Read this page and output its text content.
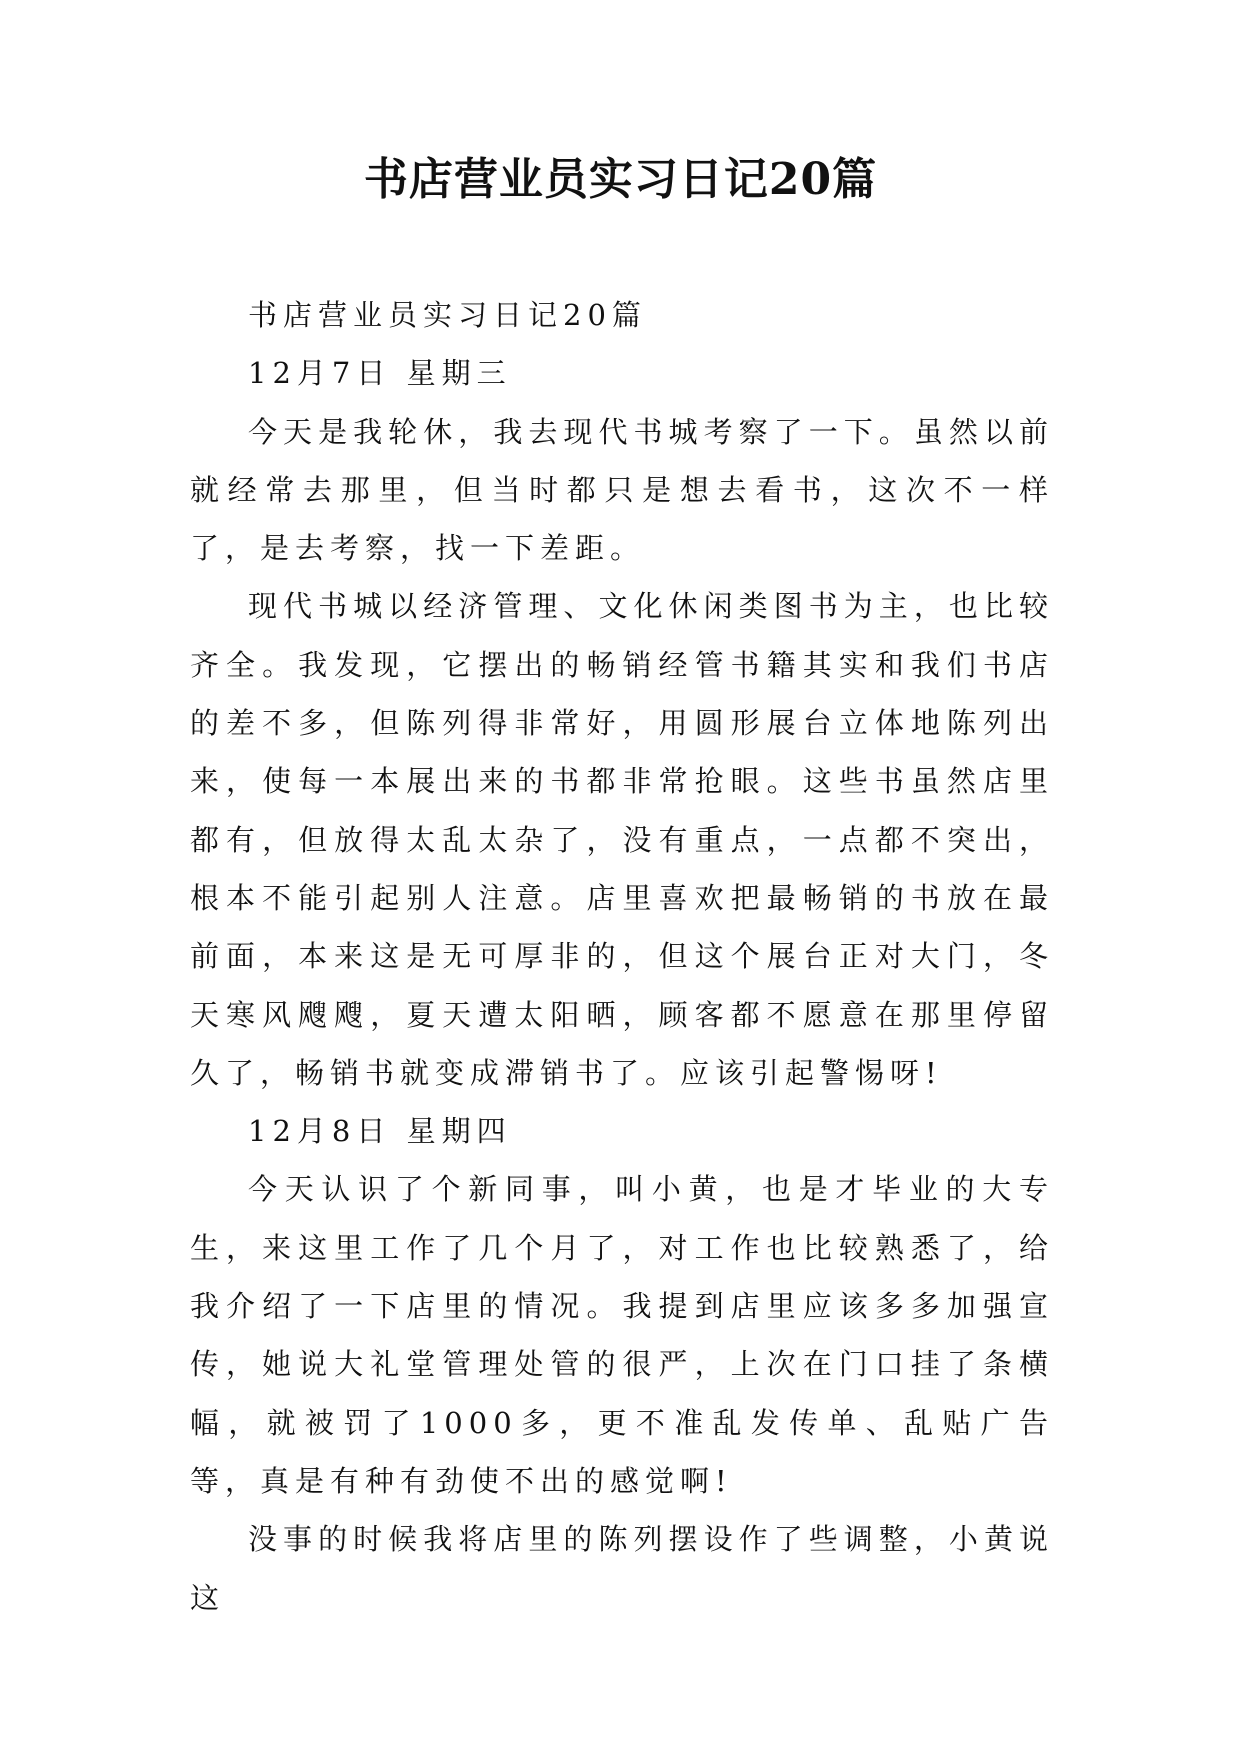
书店营业员实习日记20篇

书店营业员实习日记20篇

12月7日 星期三

今天是我轮休，我去现代书城考察了一下。虽然以前就经常去那里，但当时都只是想去看书，这次不一样了，是去考察，找一下差距。

现代书城以经济管理、文化休闲类图书为主，也比较齐全。我发现，它摆出的畅销经管书籍其实和我们书店的差不多，但陈列得非常好，用圆形展台立体地陈列出来，使每一本展出来的书都非常抢眼。这些书虽然店里都有，但放得太乱太杂了，没有重点，一点都不突出，根本不能引起别人注意。店里喜欢把最畅销的书放在最前面，本来这是无可厚非的，但这个展台正对大门，冬天寒风飕飕，夏天遭太阳晒，顾客都不愿意在那里停留久了，畅销书就变成滞销书了。应该引起警惕呀!

12月8日 星期四

今天认识了个新同事，叫小黄，也是才毕业的大专生，来这里工作了几个月了，对工作也比较熟悉了，给我介绍了一下店里的情况。我提到店里应该多多加强宣传，她说大礼堂管理处管的很严，上次在门口挂了条横幅，就被罚了1000多，更不准乱发传单、乱贴广告等，真是有种有劲使不出的感觉啊!

没事的时候我将店里的陈列摆设作了些调整，小黄说这
